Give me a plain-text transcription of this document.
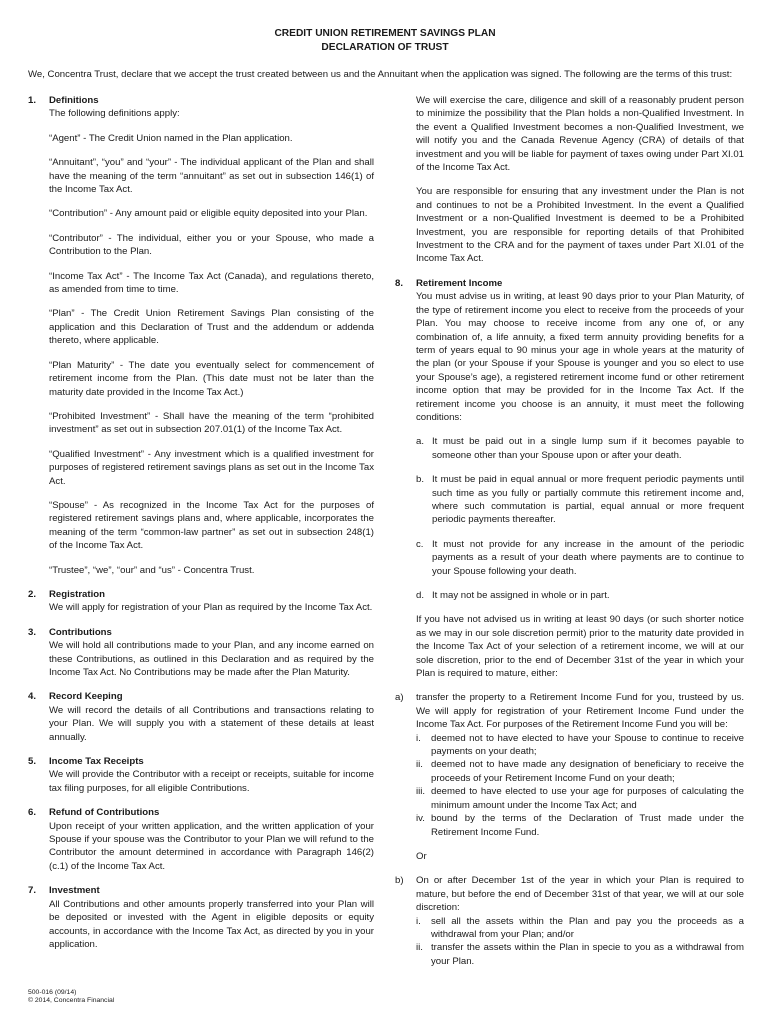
CREDIT UNION RETIREMENT SAVINGS PLAN
DECLARATION OF TRUST

We, Concentra Trust, declare that we accept the trust created between us and the Annuitant when the application was signed. The following are the terms of this trust:

1. Definitions

The following definitions apply:

“Agent” - The Credit Union named in the Plan application.

“Annuitant”, “you” and “your” - The individual applicant of the Plan and shall have the meaning of the term “annuitant” as set out in subsection 146(1) of the Income Tax Act.

“Contribution” - Any amount paid or eligible equity deposited into your Plan.

“Contributor” - The individual, either you or your Spouse, who made a Contribution to the Plan.

“Income Tax Act” - The Income Tax Act (Canada), and regulations thereto, as amended from time to time.

“Plan” - The Credit Union Retirement Savings Plan consisting of the application and this Declaration of Trust and the addendum or addenda thereto, where applicable.

“Plan Maturity” - The date you eventually select for commencement of retirement income from the Plan. (This date must not be later than the maturity date provided in the Income Tax Act.)

“Prohibited Investment” - Shall have the meaning of the term “prohibited investment” as set out in subsection 207.01(1) of the Income Tax Act.

“Qualified Investment” - Any investment which is a qualified investment for purposes of registered retirement savings plans as set out in the Income Tax Act.

“Spouse” - As recognized in the Income Tax Act for the purposes of registered retirement savings plans and, where applicable, incorporates the meaning of the term “common-law partner” as set out in subsection 248(1) of the Income Tax Act.

“Trustee”, “we”, “our” and “us” - Concentra Trust.

2. Registration

We will apply for registration of your Plan as required by the Income Tax Act.

3. Contributions

We will hold all contributions made to your Plan, and any income earned on these Contributions, as outlined in this Declaration and as required by the Income Tax Act. No Contributions may be made after the Plan Maturity.

4. Record Keeping

We will record the details of all Contributions and transactions relating to your Plan. We will supply you with a statement of these details at least annually.

5. Income Tax Receipts

We will provide the Contributor with a receipt or receipts, suitable for income tax filing purposes, for all eligible Contributions.

6. Refund of Contributions

Upon receipt of your written application, and the written application of your Spouse if your spouse was the Contributor to your Plan we will refund to the Contributor the amount determined in accordance with Paragraph 146(2)(c.1) of the Income Tax Act.

7. Investment

All Contributions and other amounts properly transferred into your Plan will be deposited or invested with the Agent in eligible deposits or equity accounts, in accordance with the Income Tax Act, as directed by you in your application.

We will exercise the care, diligence and skill of a reasonably prudent person to minimize the possibility that the Plan holds a non-Qualified Investment. In the event a Qualified Investment becomes a non-Qualified Investment, we will notify you and the Canada Revenue Agency (CRA) of details of that investment and you will be liable for payment of taxes owing under Part XI.01 of the Income Tax Act.

You are responsible for ensuring that any investment under the Plan is not and continues to not be a Prohibited Investment. In the event a Qualified Investment or a non-Qualified Investment is deemed to be a Prohibited Investment, you are responsible for reporting details of that Prohibited Investment to the CRA and for the payment of taxes under Part XI.01 of the Income Tax Act.

8. Retirement Income

You must advise us in writing, at least 90 days prior to your Plan Maturity, of the type of retirement income you elect to receive from the proceeds of your Plan. You may choose to receive income from any one of, or any combination of, a life annuity, a fixed term annuity providing benefits for a term of years equal to 90 minus your age in whole years at the maturity of the plan (or your Spouse if your Spouse is younger and you so elect to use your Spouse’s age), a registered retirement income fund or other retirement income option that may be provided for in the Income Tax Act. If the retirement income you choose is an annuity, it must meet the following conditions:

a. It must be paid out in a single lump sum if it becomes payable to someone other than your Spouse upon or after your death.
b. It must be paid in equal annual or more frequent periodic payments until such time as you fully or partially commute this retirement income and, where such commutation is partial, equal annual or more frequent periodic payments thereafter.
c. It must not provide for any increase in the amount of the periodic payments as a result of your death where payments are to continue to your Spouse following your death.
d. It may not be assigned in whole or in part.

If you have not advised us in writing at least 90 days (or such shorter notice as we may in our sole discretion permit) prior to the maturity date provided in the Income Tax Act of your selection of a retirement income, we will at our sole discretion, prior to the end of December 31st of the year in which your Plan is required to mature, either:

a) transfer the property to a Retirement Income Fund for you, trusteed by us. We will apply for registration of your Retirement Income Fund under the Income Tax Act. For purposes of the Retirement Income Fund you will be:

i. deemed not to have elected to have your Spouse to continue to receive payments on your death;
ii. deemed not to have made any designation of beneficiary to receive the proceeds of your Retirement Income Fund on your death;
iii. deemed to have elected to use your age for purposes of calculating the minimum amount under the Income Tax Act; and
iv. bound by the terms of the Declaration of Trust made under the Retirement Income Fund.

Or

b) On or after December 1st of the year in which your Plan is required to mature, but before the end of December 31st of that year, we will at our sole discretion:

i. sell all the assets within the Plan and pay you the proceeds as a withdrawal from your Plan; and/or
ii. transfer the assets within the Plan in specie to you as a withdrawal from your Plan.
500-016 (09/14)
© 2014, Concentra Financial
